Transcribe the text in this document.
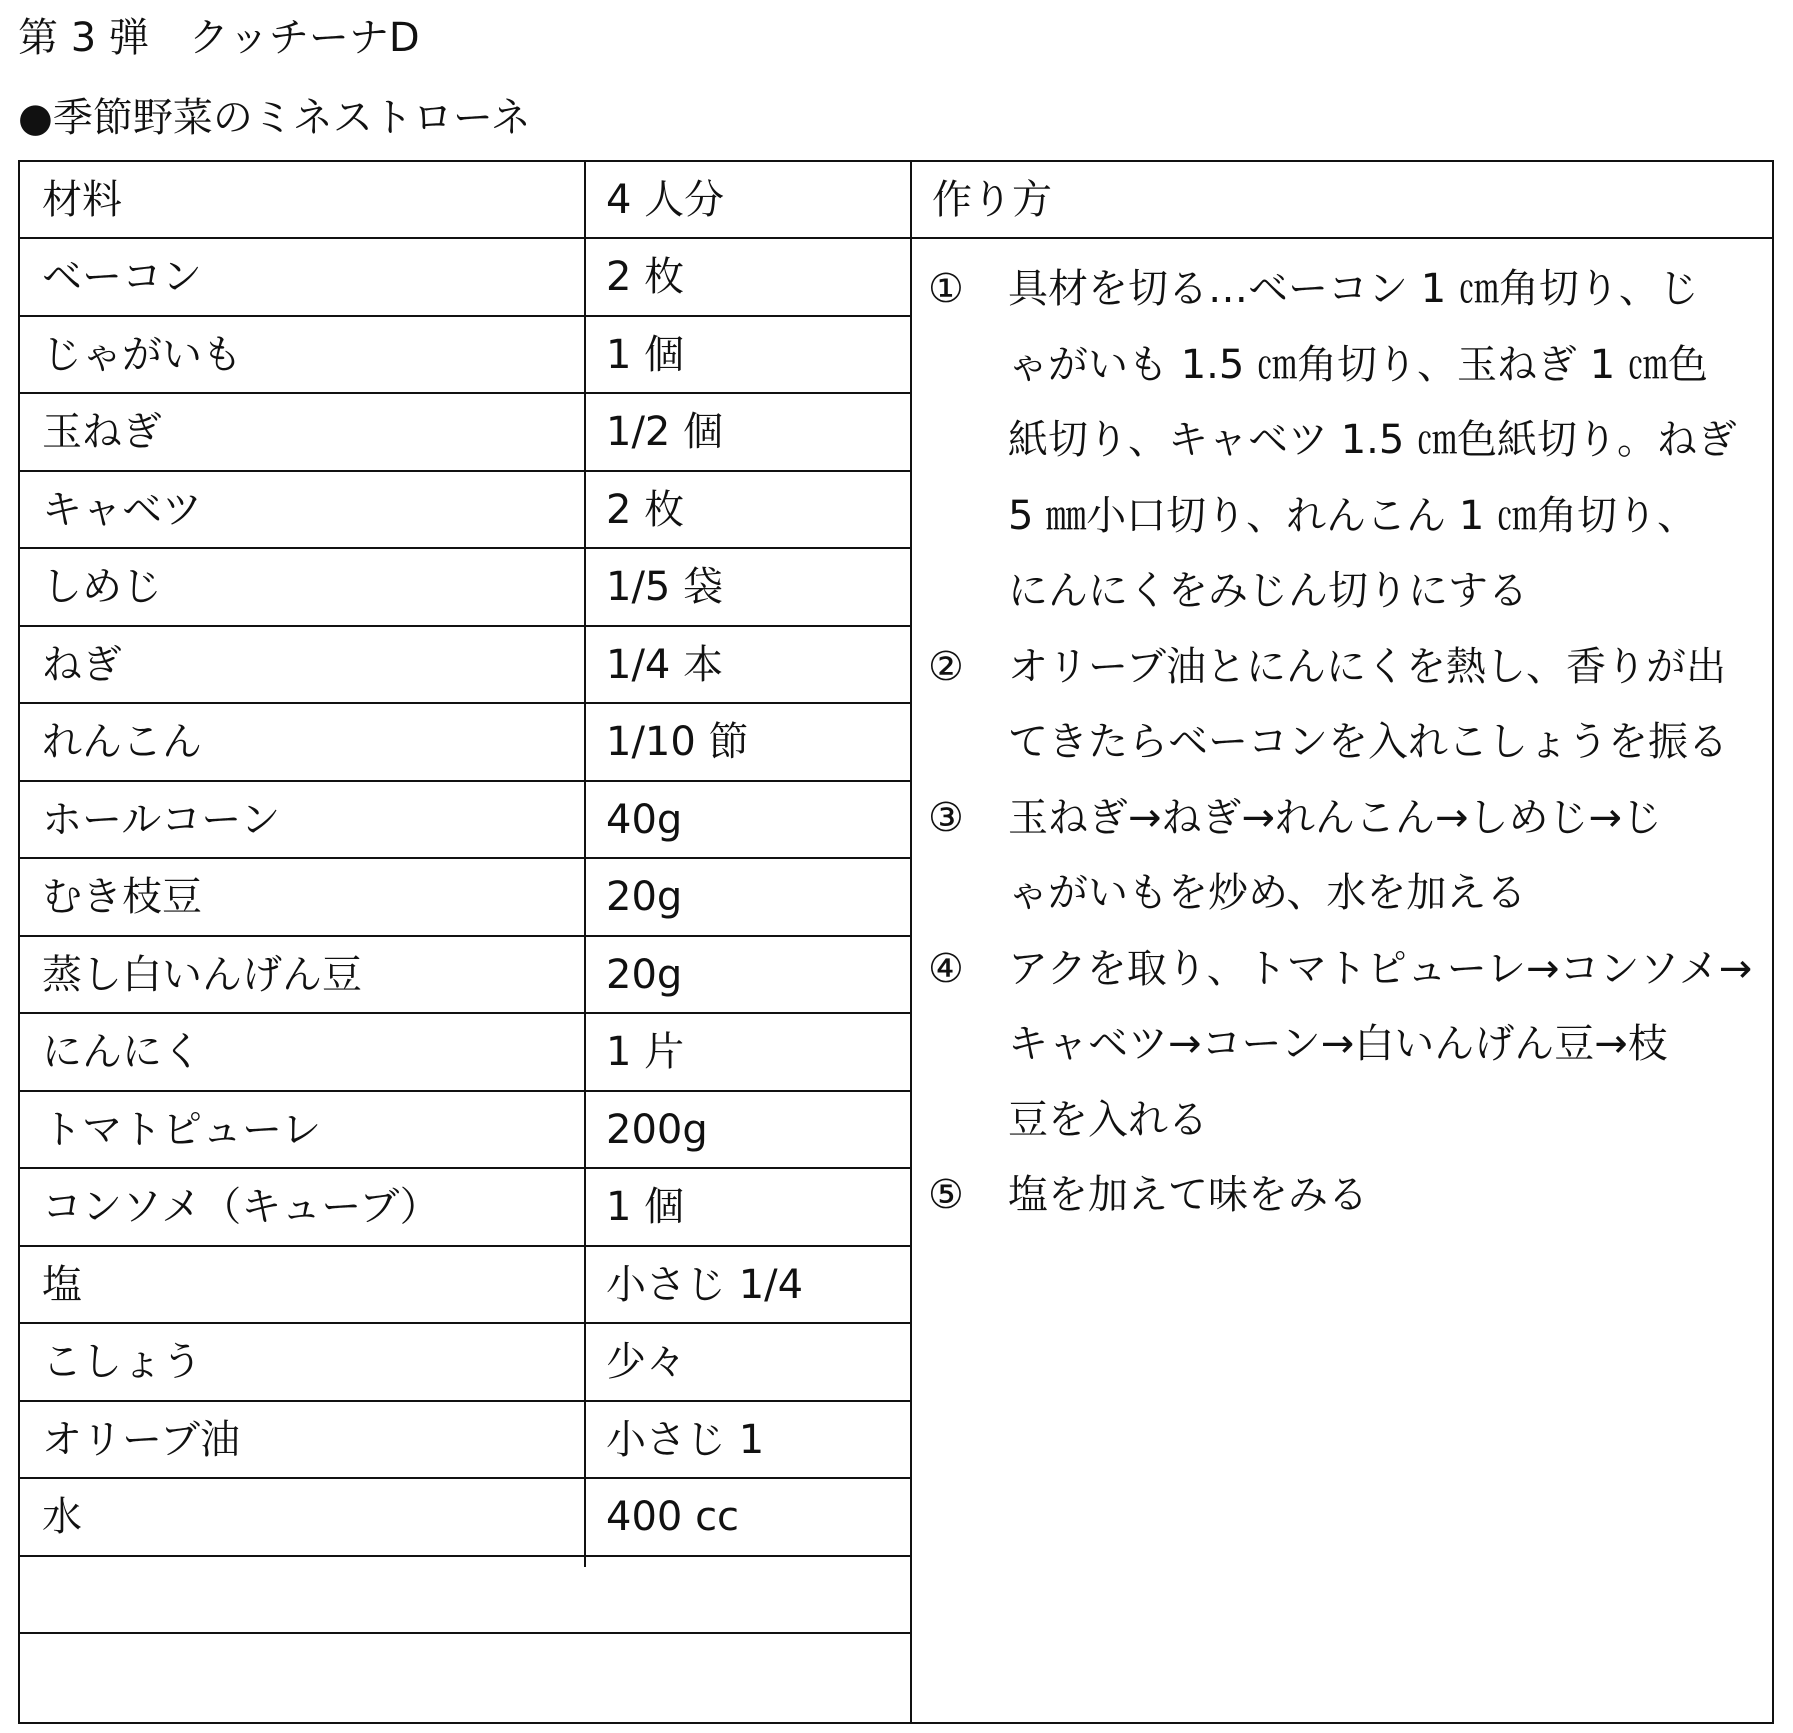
第 3 弾　クッチーナD
●季節野菜のミネストローネ
材料	4 人分	作り方
ベーコン	2 枚
じゃがいも	1 個
玉ねぎ	1/2 個
キャベツ	2 枚
しめじ	1/5 袋
ねぎ	1/4 本
れんこん	1/10 節
ホールコーン	40g
むき枝豆	20g
蒸し白いんげん豆	20g
にんにく	1 片
トマトピューレ	200g
コンソメ（キューブ）	1 個
塩	小さじ 1/4
こしょう	少々
オリーブ油	小さじ 1
水	400 cc
① 具材を切る…ベーコン 1 ㎝角切り、じ
ゃがいも 1.5 ㎝角切り、玉ねぎ 1 ㎝色
紙切り、キャベツ 1.5 ㎝色紙切り。ねぎ
5 ㎜小口切り、れんこん 1 ㎝角切り、
にんにくをみじん切りにする
② オリーブ油とにんにくを熱し、香りが出
てきたらベーコンを入れこしょうを振る
③ 玉ねぎ→ねぎ→れんこん→しめじ→じ
ゃがいもを炒め、水を加える
④ アクを取り、トマトピューレ→コンソメ→
キャベツ→コーン→白いんげん豆→枝
豆を入れる
⑤ 塩を加えて味をみる
